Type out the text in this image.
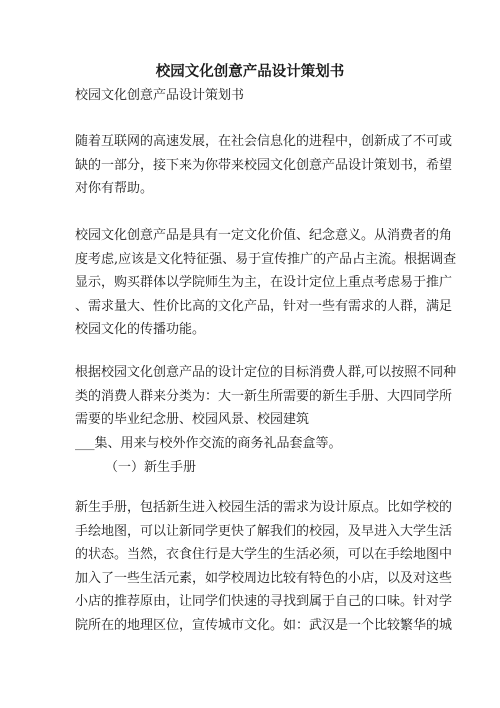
校园文化创意产品设计策划书
校园文化创意产品设计策划书
随着互联网的高速发展，在社会信息化的进程中，创新成了不可或
缺的一部分，接下来为你带来校园文化创意产品设计策划书，希望
对你有帮助。
校园文化创意产品是具有一定文化价值、纪念意义。从消费者的角
度考虑,应该是文化特征强、易于宣传推广的产品占主流。根据调查
显示，购买群体以学院师生为主，在设计定位上重点考虑易于推广
、需求量大、性价比高的文化产品，针对一些有需求的人群，满足
校园文化的传播功能。
根据校园文化创意产品的设计定位的目标消费人群,可以按照不同种
类的消费人群来分类为：大一新生所需要的新生手册、大四同学所
需要的毕业纪念册、校园风景、校园建筑
___集、用来与校外作交流的商务礼品套盒等。
（一）新生手册
新生手册，包括新生进入校园生活的需求为设计原点。比如学校的
手绘地图，可以让新同学更快了解我们的校园，及早进入大学生活
的状态。当然，衣食住行是大学生的生活必须，可以在手绘地图中
加入了一些生活元素，如学校周边比较有特色的小店，以及对这些
小店的推荐原由，让同学们快速的寻找到属于自己的口味。针对学
院所在的地理区位，宣传城市文化。如：武汉是一个比较繁华的城
